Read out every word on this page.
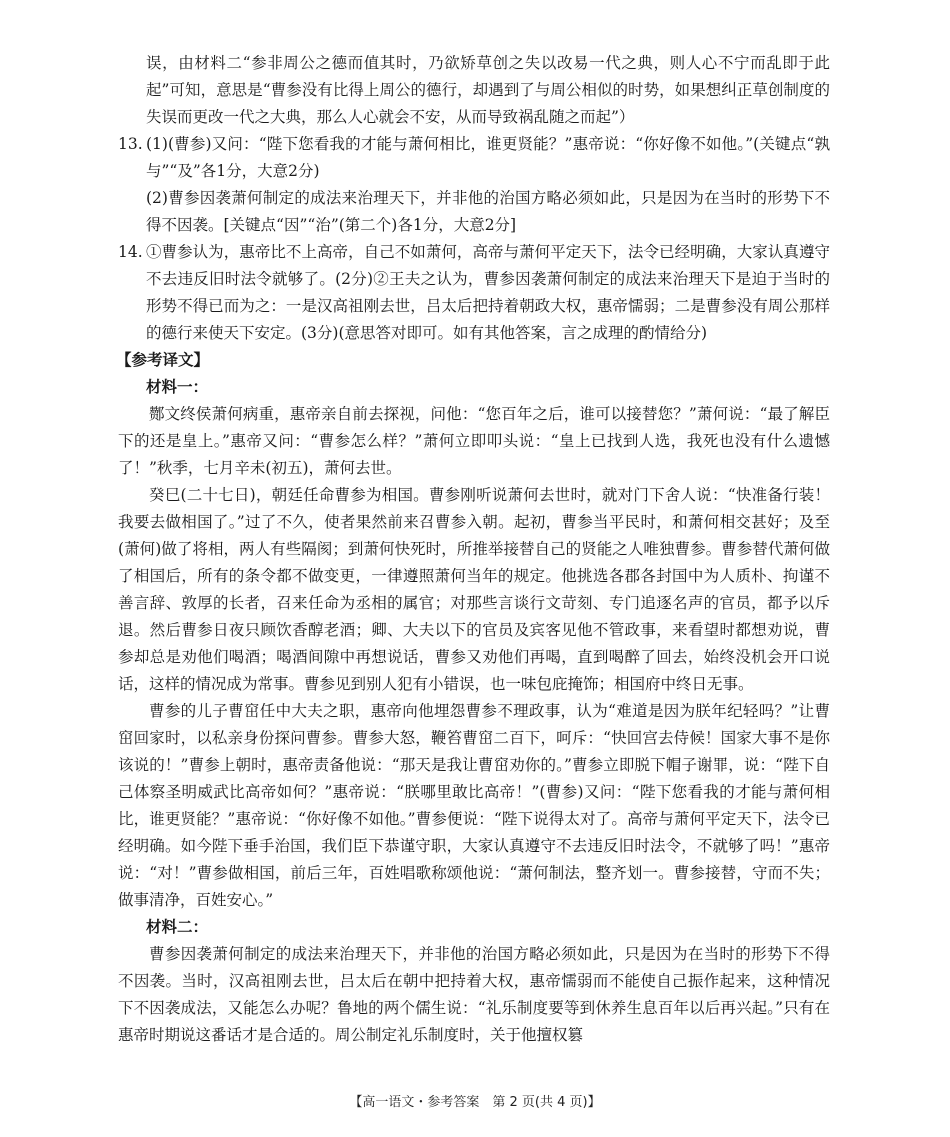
误，由材料二“参非周公之德而值其时，乃欲矫草创之失以改易一代之典，则人心不宁而乱即于此起”可知，意思是“曹参没有比得上周公的德行，却遇到了与周公相似的时势，如果想纠正草创制度的失误而更改一代之大典，那么人心就会不安，从而导致祸乱随之而起”）

13. (1)(曹参)又问：“陛下您看我的才能与萧何相比，谁更贤能？”惠帝说：“你好像不如他。”(关键点“孰与”“及”各1分，大意2分)

(2)曹参因袭萧何制定的成法来治理天下，并非他的治国方略必须如此，只是因为在当时的形势下不得不因袭。[关键点“因”“治”(第二个)各1分，大意2分]

14. ①曹参认为，惠帝比不上高帝，自己不如萧何，高帝与萧何平定天下，法令已经明确，大家认真遵守不去违反旧时法令就够了。(2分)②王夫之认为，曹参因袭萧何制定的成法来治理天下是迫于当时的形势不得已而为之：一是汉高祖刚去世，吕太后把持着朝政大权，惠帝懦弱；二是曹参没有周公那样的德行来使天下安定。(3分)(意思答对即可。如有其他答案，言之成理的酌情给分)

【参考译文】

材料一：

酂文终侯萧何病重，惠帝亲自前去探视，问他：“您百年之后，谁可以接替您？”萧何说：“最了解臣下的还是皇上。”惠帝又问：“曹参怎么样？”萧何立即叩头说：“皇上已找到人选，我死也没有什么遗憾了！”秋季，七月辛未(初五)，萧何去世。

癸巳(二十七日)，朝廷任命曹参为相国。曹参刚听说萧何去世时，就对门下舍人说：“快准备行装！我要去做相国了。”过了不久，使者果然前来召曹参入朝。起初，曹参当平民时，和萧何相交甚好；及至(萧何)做了将相，两人有些隔阂；到萧何快死时，所推举接替自己的贤能之人唯独曹参。曹参替代萧何做了相国后，所有的条令都不做变更，一律遵照萧何当年的规定。他挑选各郡各封国中为人质朴、拘谨不善言辞、敦厚的长者，召来任命为丞相的属官；对那些言谈行文苛刻、专门追逐名声的官员，都予以斥退。然后曹参日夜只顾饮香醇老酒；卿、大夫以下的官员及宾客见他不管政事，来看望时都想劝说，曹参却总是劝他们喝酒；喝酒间隙中再想说话，曹参又劝他们再喝，直到喝醉了回去，始终没机会开口说话，这样的情况成为常事。曹参见到别人犯有小错误，也一味包庇掩饰；相国府中终日无事。

曹参的儿子曹窋任中大夫之职，惠帝向他埋怨曹参不理政事，认为“难道是因为朕年纪轻吗？”让曹窋回家时，以私亲身份探问曹参。曹参大怒，鞭笞曹窋二百下，呵斥：“快回宫去侍候！国家大事不是你该说的！”曹参上朝时，惠帝责备他说：“那天是我让曹窋劝你的。”曹参立即脱下帽子谢罪，说：“陛下自己体察圣明威武比高帝如何？”惠帝说：“朕哪里敢比高帝！”(曹参)又问：“陛下您看我的才能与萧何相比，谁更贤能？”惠帝说：“你好像不如他。”曹参便说：“陛下说得太对了。高帝与萧何平定天下，法令已经明确。如今陛下垂手治国，我们臣下恭谨守职，大家认真遵守不去违反旧时法令，不就够了吗！”惠帝说：“对！”曹参做相国，前后三年，百姓唱歌称颂他说：“萧何制法，整齐划一。曹参接替，守而不失；做事清净，百姓安心。”

材料二：

曹参因袭萧何制定的成法来治理天下，并非他的治国方略必须如此，只是因为在当时的形势下不得不因袭。当时，汉高祖刚去世，吕太后在朝中把持着大权，惠帝懦弱而不能使自己振作起来，这种情况下不因袭成法，又能怎么办呢？鲁地的两个儒生说：“礼乐制度要等到休养生息百年以后再兴起。”只有在惠帝时期说这番话才是合适的。周公制定礼乐制度时，关于他擅权篡

【高一语文・参考答案　第 2 页(共 4 页)】
